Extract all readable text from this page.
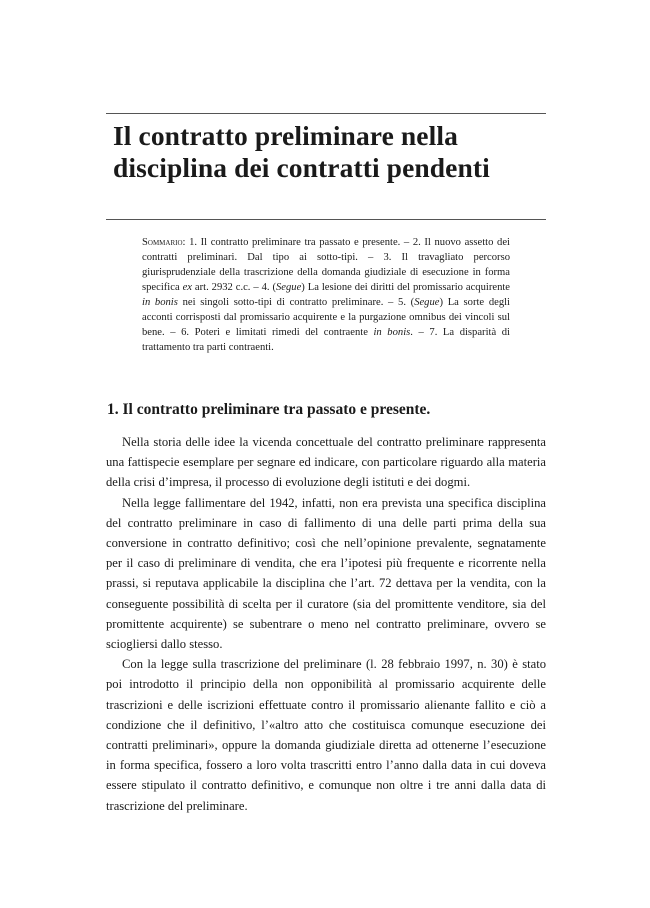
Il contratto preliminare nella disciplina dei contratti pendenti

Sommario: 1. Il contratto preliminare tra passato e presente. – 2. Il nuovo assetto dei contratti preliminari. Dal tipo ai sotto-tipi. – 3. Il travagliato percorso giurisprudenziale della trascrizione della domanda giudiziale di esecuzione in forma specifica ex art. 2932 c.c. – 4. (Segue) La lesione dei diritti del promissario acquirente in bonis nei singoli sotto-tipi di contratto preliminare. – 5. (Segue) La sorte degli acconti corrisposti dal promissario acquirente e la purgazione omnibus dei vincoli sul bene. – 6. Poteri e limitati rimedi del contraente in bonis. – 7. La disparità di trattamento tra parti contraenti.

1. Il contratto preliminare tra passato e presente.

Nella storia delle idee la vicenda concettuale del contratto preliminare rappresenta una fattispecie esemplare per segnare ed indicare, con particolare riguardo alla materia della crisi d’impresa, il processo di evoluzione degli istituti e dei dogmi.

Nella legge fallimentare del 1942, infatti, non era prevista una specifica disciplina del contratto preliminare in caso di fallimento di una delle parti prima della sua conversione in contratto definitivo; così che nell’opinione prevalente, segnatamente per il caso di preliminare di vendita, che era l’ipotesi più frequente e ricorrente nella prassi, si reputava applicabile la disciplina che l’art. 72 dettava per la vendita, con la conseguente possibilità di scelta per il curatore (sia del promittente venditore, sia del promittente acquirente) se subentrare o meno nel contratto preliminare, ovvero se sciogliersi dallo stesso.

Con la legge sulla trascrizione del preliminare (l. 28 febbraio 1997, n. 30) è stato poi introdotto il principio della non opponibilità al promissario acquirente delle trascrizioni e delle iscrizioni effettuate contro il promissario alienante fallito e ciò a condizione che il definitivo, l’«altro atto che costituisca comunque esecuzione dei contratti preliminari», oppure la domanda giudiziale diretta ad ottenerne l’esecuzione in forma specifica, fossero a loro volta trascritti entro l’anno dalla data in cui doveva essere stipulato il contratto definitivo, e comunque non oltre i tre anni dalla data di trascrizione del preliminare.
